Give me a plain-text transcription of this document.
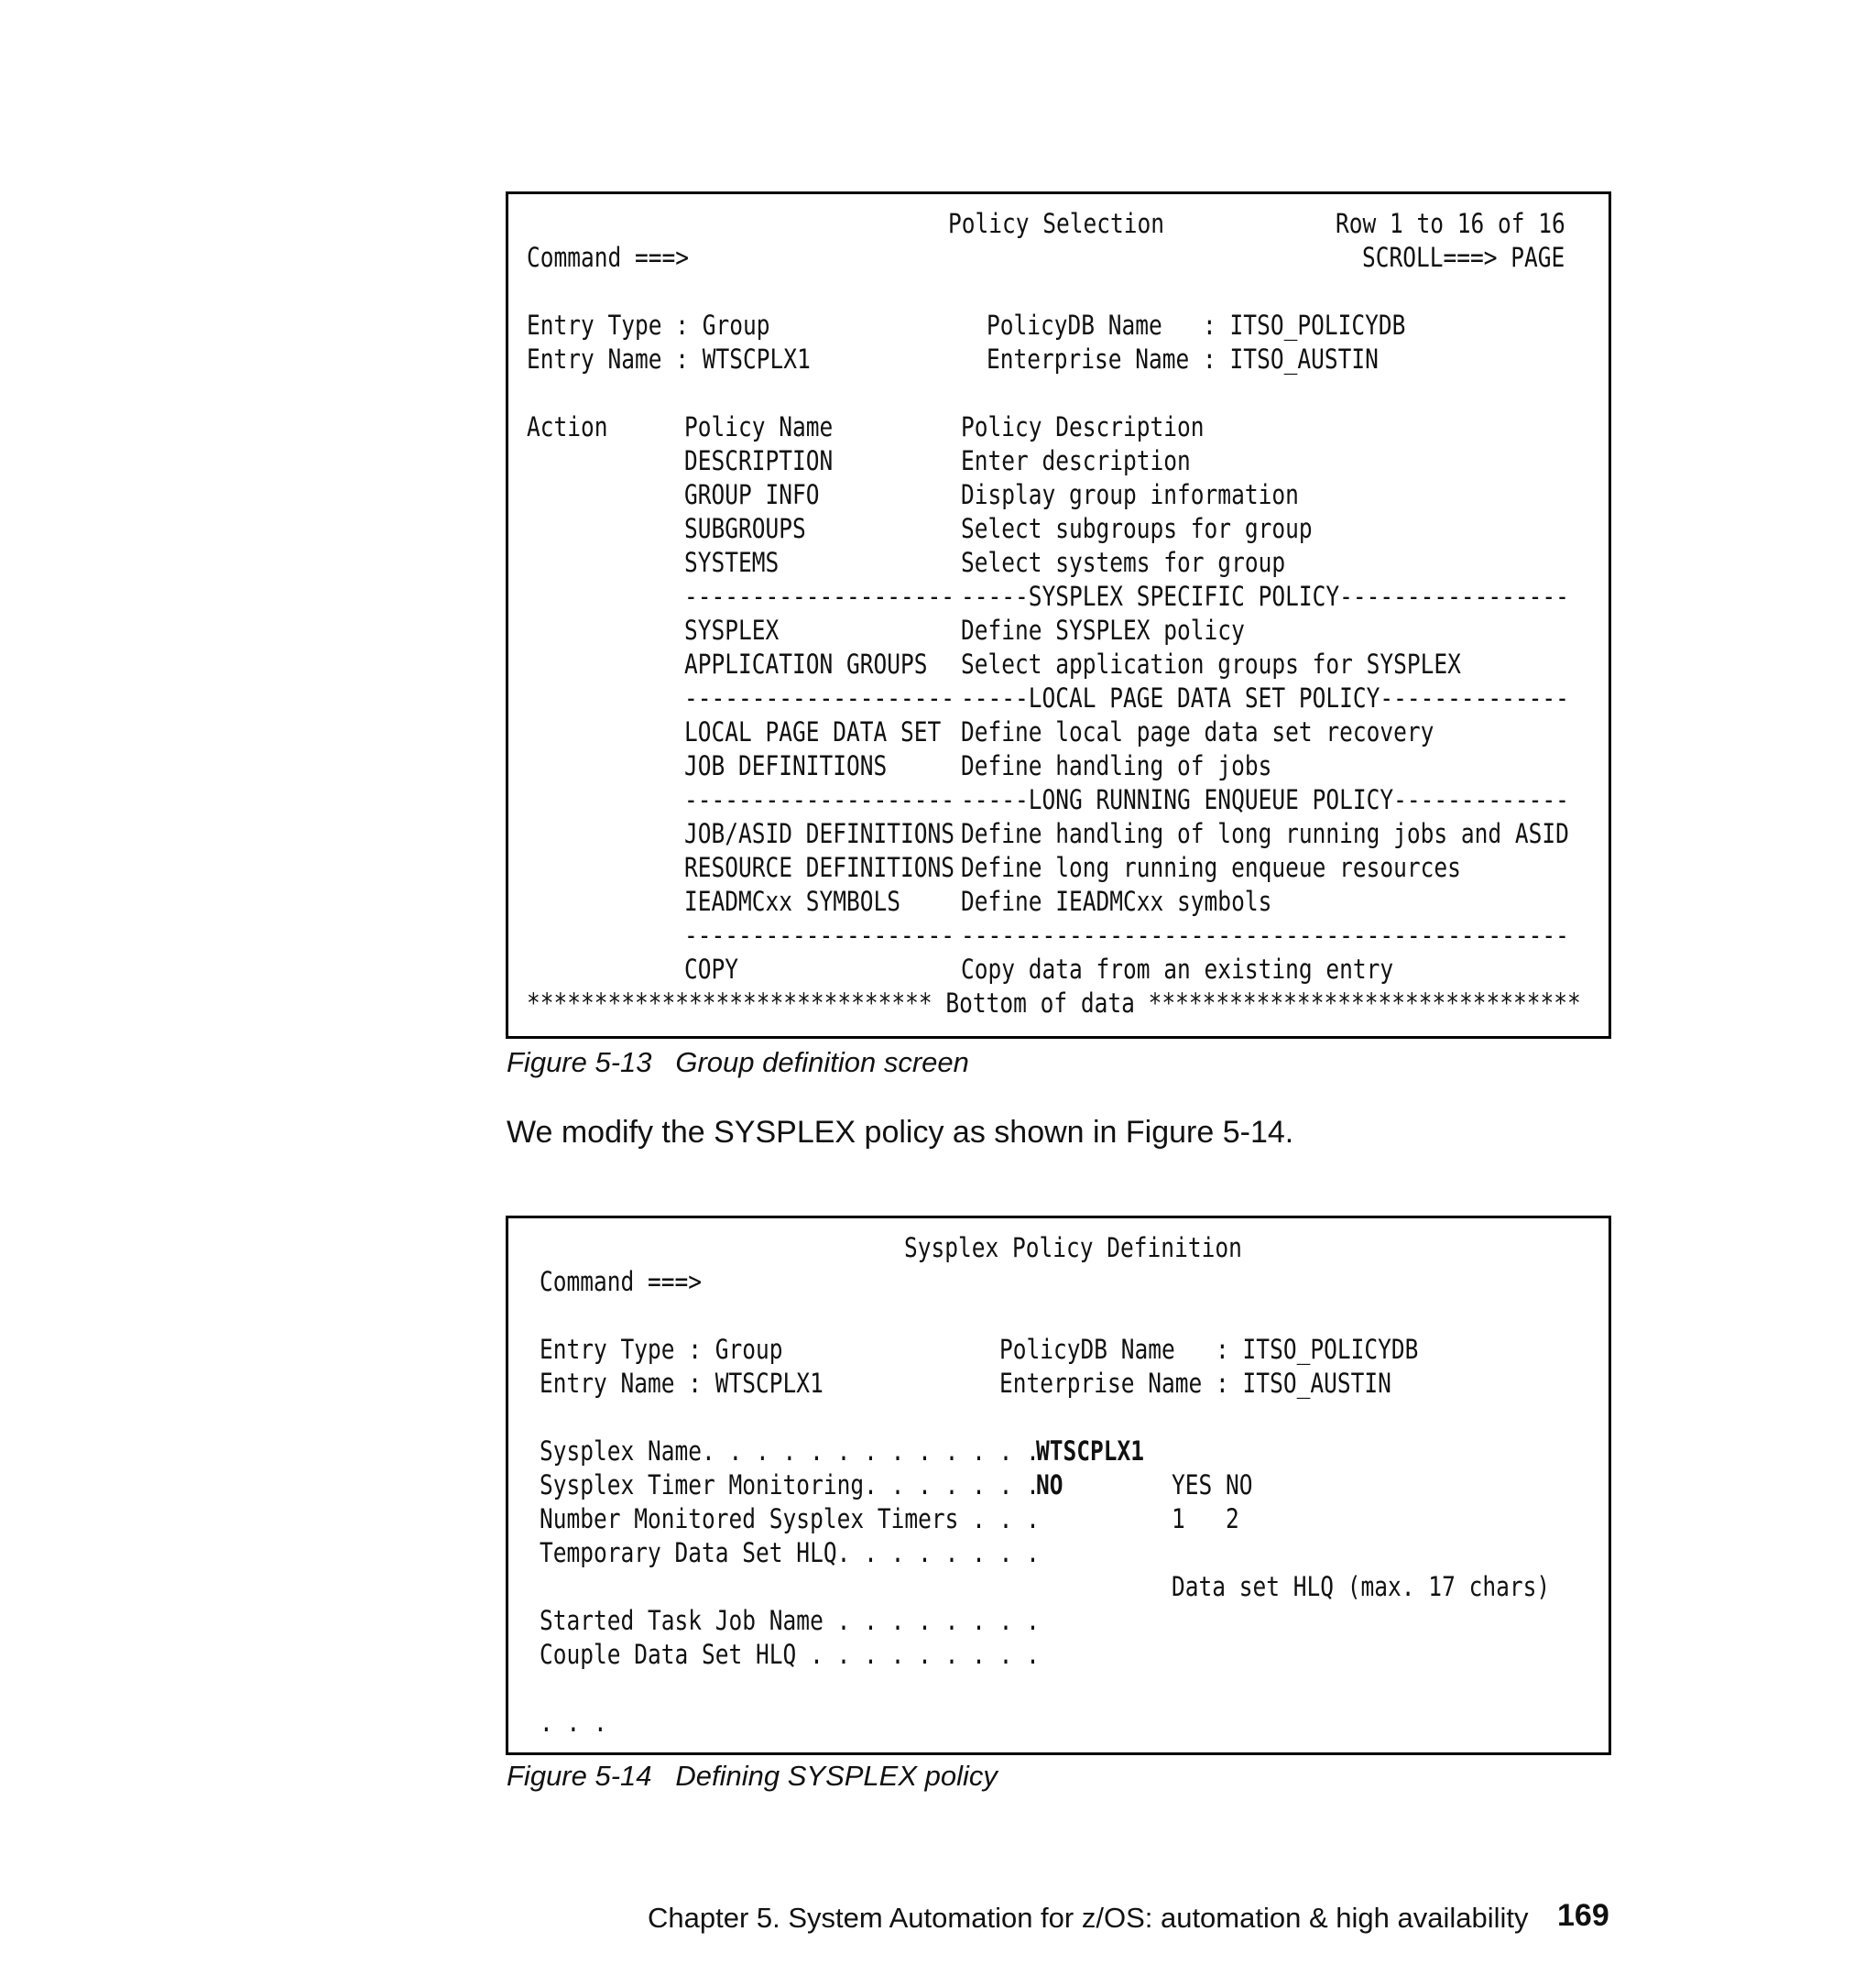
Policy Selection	Row 1 to 16 of 16
Command ===>	SCROLL===> PAGE
Entry Type : Group	PolicyDB Name   : ITSO_POLICYDB
Entry Name : WTSCPLX1	Enterprise Name : ITSO_AUSTIN
Action	Policy Name	Policy Description
DESCRIPTION	Enter description
GROUP INFO	Display group information
SUBGROUPS	Select subgroups for group
SYSTEMS	Select systems for group
-------------------- -----SYSPLEX SPECIFIC POLICY-----------------
SYSPLEX	Define SYSPLEX policy
APPLICATION GROUPS Select application groups for SYSPLEX
-------------------- -----LOCAL PAGE DATA SET POLICY--------------
LOCAL PAGE DATA SET Define local page data set recovery
JOB DEFINITIONS	Define handling of jobs
-------------------- -----LONG RUNNING ENQUEUE POLICY-------------
JOB/ASID DEFINITIONS Define handling of long running jobs and ASID
RESOURCE DEFINITIONS Define long running enqueue resources
IEADMCxx SYMBOLS Define IEADMCxx symbols
-------------------- ---------------------------------------------
COPY	Copy data from an existing entry
****************************** Bottom of data ********************************
Figure 5-13   Group definition screen
We modify the SYSPLEX policy as shown in Figure 5-14.
Sysplex Policy Definition
Command ===>
Entry Type : Group	PolicyDB Name   : ITSO_POLICYDB
Entry Name : WTSCPLX1	Enterprise Name : ITSO_AUSTIN
Sysplex Name. . . . . . . . . . . . .
WTSCPLX1
Sysplex Timer Monitoring. . . . . . .
NO	YES NO
Number Monitored Sysplex Timers . . .	1   2
Temporary Data Set HLQ. . . . . . . .
Data set HLQ (max. 17 chars)
Started Task Job Name . . . . . . . .
Couple Data Set HLQ . . . . . . . . .
. . .
Figure 5-14   Defining SYSPLEX policy
Chapter 5. System Automation for z/OS: automation & high availability 169
